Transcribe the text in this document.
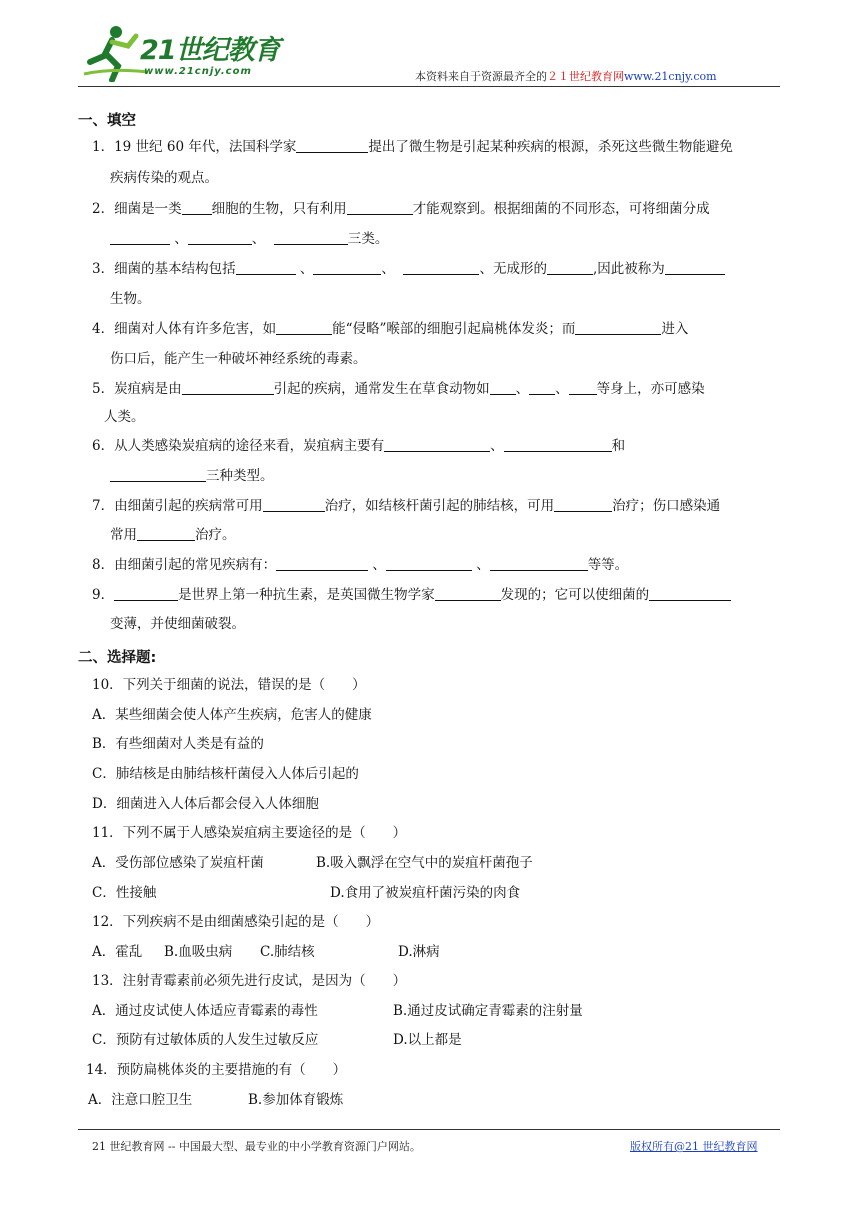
21世纪教育
www.21cnjy.com	本资料来自于资源最齐全的２１世纪教育网www.21cnjy.com
一、填空
1．19 世纪 60 年代，法国科学家	提出了微生物是引起某种疾病的根源，杀死这些微生物能避免
疾病传染的观点。
2．细菌是一类 细胞的生物，只有利用	才能观察到。根据细菌的不同形态，可将细菌分成
、	、	三类。
3．细菌的基本结构包括	、	、	、无成形的	,因此被称为
生物。
4．细菌对人体有许多危害，如	能“侵略”喉部的细胞引起扁桃体发炎；而	进入
伤口后，能产生一种破坏神经系统的毒素。
5．炭疽病是由	引起的疾病，通常发生在草食动物如 、 、 等身上，亦可感染
人类。
6．从人类感染炭疽病的途径来看，炭疽病主要有	、	和
三种类型。
7．由细菌引起的疾病常可用	治疗，如结核杆菌引起的肺结核，可用	治疗；伤口感染通
常用	治疗。
8．由细菌引起的常见疾病有：	、	、	等等。
9．	是世界上第一种抗生素，是英国微生物学家	发现的；它可以使细菌的
变薄，并使细菌破裂。
二、选择题:
10．下列关于细菌的说法，错误的是（　　）
A．某些细菌会使人体产生疾病，危害人的健康
B．有些细菌对人类是有益的
C．肺结核是由肺结核杆菌侵入人体后引起的
D．细菌进入人体后都会侵入人体细胞
11．下列不属于人感染炭疽病主要途径的是（　　）
A．受伤部位感染了炭疽杆菌	B.吸入飘浮在空气中的炭疽杆菌孢子
C．性接触	D.食用了被炭疽杆菌污染的肉食
12．下列疾病不是由细菌感染引起的是（　　）
A．霍乱 B.血吸虫病 C.肺结核	D.淋病
13．注射青霉素前必须先进行皮试，是因为（　　）
A．通过皮试使人体适应青霉素的毒性	B.通过皮试确定青霉素的注射量
C．预防有过敏体质的人发生过敏反应	D.以上都是
14．预防扁桃体炎的主要措施的有（　　）
A．注意口腔卫生	B.参加体育锻炼
21 世纪教育网 -- 中国最大型、最专业的中小学教育资源门户网站。	版权所有@21 世纪教育网
